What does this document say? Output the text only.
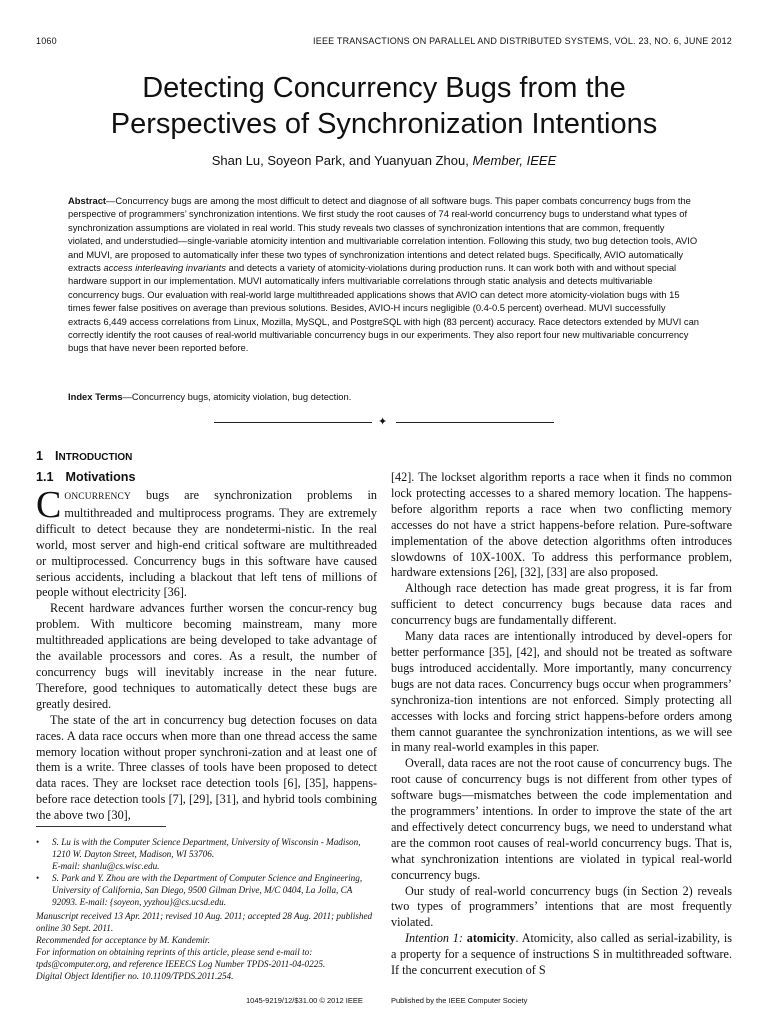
1060	IEEE TRANSACTIONS ON PARALLEL AND DISTRIBUTED SYSTEMS, VOL. 23, NO. 6, JUNE 2012
Detecting Concurrency Bugs from the
Perspectives of Synchronization Intentions
Shan Lu, Soyeon Park, and Yuanyuan Zhou, Member, IEEE
Abstract—Concurrency bugs are among the most difficult to detect and diagnose of all software bugs. This paper combats concurrency bugs from the perspective of programmers’ synchronization intentions. We first study the root causes of 74 real-world concurrency bugs to understand what types of synchronization assumptions are violated in real world. This study reveals two classes of synchronization intentions that are common, frequently violated, and understudied—single-variable atomicity intention and multivariable correlation intention. Following this study, two bug detection tools, AVIO and MUVI, are proposed to automatically infer these two types of synchronization intentions and detect related bugs. Specifically, AVIO automatically extracts access interleaving invariants and detects a variety of atomicity-violations during production runs. It can work both with and without special hardware support in our implementation. MUVI automatically infers multivariable correlations through static analysis and detects multivariable concurrency bugs. Our evaluation with real-world large multithreaded applications shows that AVIO can detect more atomicity-violation bugs with 15 times fewer false positives on average than previous solutions. Besides, AVIO-H incurs negligible (0.4-0.5 percent) overhead. MUVI successfully extracts 6,449 access correlations from Linux, Mozilla, MySQL, and PostgreSQL with high (83 percent) accuracy. Race detectors extended by MUVI can correctly identify the root causes of real-world multivariable concurrency bugs in our experiments. They also report four new multivariable concurrency bugs that have never been reported before.
Index Terms—Concurrency bugs, atomicity violation, bug detection.
✦
1 INTRODUCTION
1.1 Motivations

CONCURRENCY bugs are synchronization problems in multithreaded and multiprocess programs. They are extremely difficult to detect because they are nondetermi-nistic. In the real world, most server and high-end critical software are multithreaded or multiprocessed. Concurrency bugs in this software have caused serious accidents, including a blackout that left tens of millions of people without electricity [36].

Recent hardware advances further worsen the concur-rency bug problem. With multicore becoming mainstream, many more multithreaded applications are being developed to take advantage of the available processors and cores. As a result, the number of concurrency bugs will inevitably increase in the near future. Therefore, good techniques to automatically detect these bugs are greatly desired.

The state of the art in concurrency bug detection focuses on data races. A data race occurs when more than one thread access the same memory location without proper synchroni-zation and at least one of them is a write. Three classes of tools have been proposed to detect data races. They are lockset race detection tools [6], [35], happens-before race detection tools [7], [29], [31], and hybrid tools combining the above two [30],

• S. Lu is with the Computer Science Department, University of Wisconsin - Madison, 1210 W. Dayton Street, Madison, WI 53706.
E-mail: shanlu@cs.wisc.edu.
• S. Park and Y. Zhou are with the Department of Computer Science and Engineering, University of California, San Diego, 9500 Gilman Drive, M/C 0404, La Jolla, CA 92093. E-mail: {soyeon, yyzhou}@cs.ucsd.edu.
Manuscript received 13 Apr. 2011; revised 10 Aug. 2011; accepted 28 Aug. 2011; published online 30 Sept. 2011.
Recommended for acceptance by M. Kandemir.
For information on obtaining reprints of this article, please send e-mail to: tpds@computer.org, and reference IEEECS Log Number TPDS-2011-04-0225.
Digital Object Identifier no. 10.1109/TPDS.2011.254.

[42]. The lockset algorithm reports a race when it finds no common lock protecting accesses to a shared memory location. The happens-before algorithm reports a race when two conflicting memory accesses do not have a strict happens-before relation. Pure-software implementation of the above detection algorithms often introduces slowdowns of 10X-100X. To address this performance problem, hardware extensions [26], [32], [33] are also proposed.

Although race detection has made great progress, it is far from sufficient to detect concurrency bugs because data races and concurrency bugs are fundamentally different.

Many data races are intentionally introduced by devel-opers for better performance [35], [42], and should not be treated as software bugs introduced accidentally. More importantly, many concurrency bugs are not data races. Concurrency bugs occur when programmers’ synchroniza-tion intentions are not enforced. Simply protecting all accesses with locks and forcing strict happens-before orders among them cannot guarantee the synchronization intentions, as we will see in many real-world examples in this paper.

Overall, data races are not the root cause of concurrency bugs. The root cause of concurrency bugs is not different from other types of software bugs—mismatches between the code implementation and the programmers’ intentions. In order to improve the state of the art and effectively detect concurrency bugs, we need to understand what are the common root causes of real-world concurrency bugs. That is, what synchronization intentions are violated in typical real-world concurrency bugs.

Our study of real-world concurrency bugs (in Section 2) reveals two types of programmers’ intentions that are most frequently violated.

Intention 1: atomicity. Atomicity, also called as serial-izability, is a property for a sequence of instructions S in multithreaded software. If the concurrent execution of S

1045-9219/12/$31.00 © 2012 IEEE	Published by the IEEE Computer Society
